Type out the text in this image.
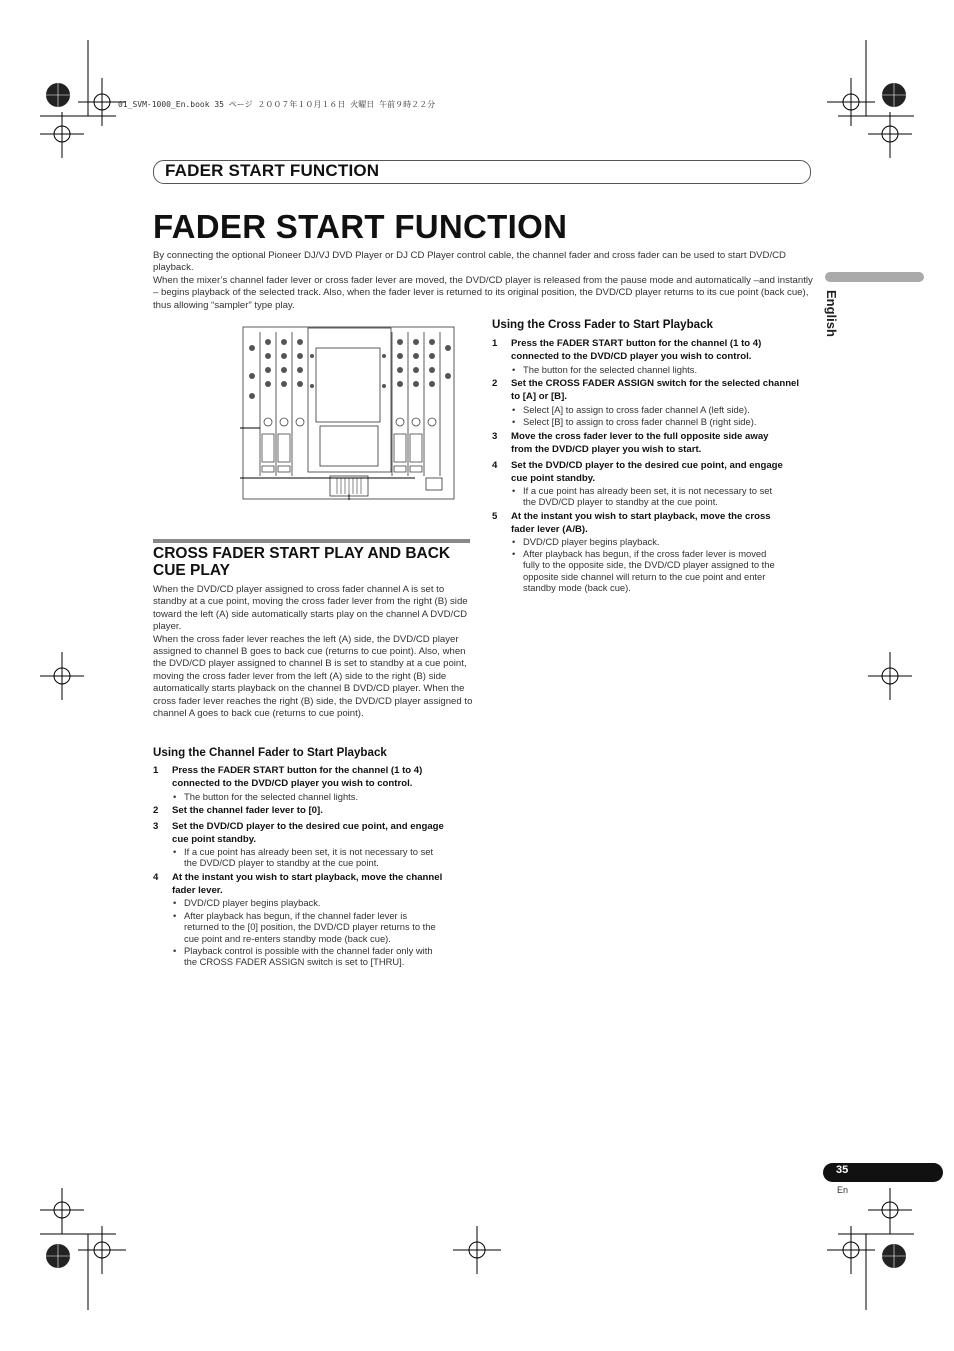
01_SVM-1000_En.book 35 ページ ２００７年１０月１６日 火曜日 午前９時２２分
FADER START FUNCTION
FADER START FUNCTION

By connecting the optional Pioneer DJ/VJ DVD Player or DJ CD Player control cable, the channel fader and cross fader can be used to start DVD/CD playback.

When the mixer’s channel fader lever or cross fader lever are moved, the DVD/CD player is released from the pause mode and automatically –and instantly – begins playback of the selected track. Also, when the fader lever is returned to its original position, the DVD/CD player returns to its cue point (back cue), thus allowing “sampler” type play.	English
CROSS FADER START PLAY AND BACK CUE PLAY

When the DVD/CD player assigned to cross fader channel A is set to standby at a cue point, moving the cross fader lever from the right (B) side toward the left (A) side automatically starts play on the channel A DVD/CD player.

When the cross fader lever reaches the left (A) side, the DVD/CD player assigned to channel B goes to back cue (returns to cue point). Also, when the DVD/CD player assigned to channel B is set to standby at a cue point, moving the cross fader lever from the left (A) side to the right (B) side automatically starts playback on the channel B DVD/CD player. When the cross fader lever reaches the right (B) side, the DVD/CD player assigned to channel A goes to back cue (returns to cue point).

Using the Channel Fader to Start Playback
1 Press the FADER START button for the channel (1 to 4)
connected to the DVD/CD player you wish to control.
• The button for the selected channel lights.
2 Set the channel fader lever to [0].
3 Set the DVD/CD player to the desired cue point, and engage
cue point standby.
• If a cue point has already been set, it is not necessary to set
the DVD/CD player to standby at the cue point.
4 At the instant you wish to start playback, move the channel
fader lever.
• DVD/CD player begins playback.
• After playback has begun, if the channel fader lever is
returned to the [0] position, the DVD/CD player returns to the
cue point and re-enters standby mode (back cue).
• Playback control is possible with the channel fader only with
the CROSS FADER ASSIGN switch is set to [THRU].
Using the Cross Fader to Start Playback
1 Press the FADER START button for the channel (1 to 4)
connected to the DVD/CD player you wish to control.
• The button for the selected channel lights.
2 Set the CROSS FADER ASSIGN switch for the selected channel
to [A] or [B].
• Select [A] to assign to cross fader channel A (left side).
• Select [B] to assign to cross fader channel B (right side).
3 Move the cross fader lever to the full opposite side away
from the DVD/CD player you wish to start.
4 Set the DVD/CD player to the desired cue point, and engage
cue point standby.
• If a cue point has already been set, it is not necessary to set
the DVD/CD player to standby at the cue point.
5 At the instant you wish to start playback, move the cross
fader lever (A/B).
• DVD/CD player begins playback.
• After playback has begun, if the cross fader lever is moved
fully to the opposite side, the DVD/CD player assigned to the
opposite side channel will return to the cue point and enter
standby mode (back cue).
35
En
